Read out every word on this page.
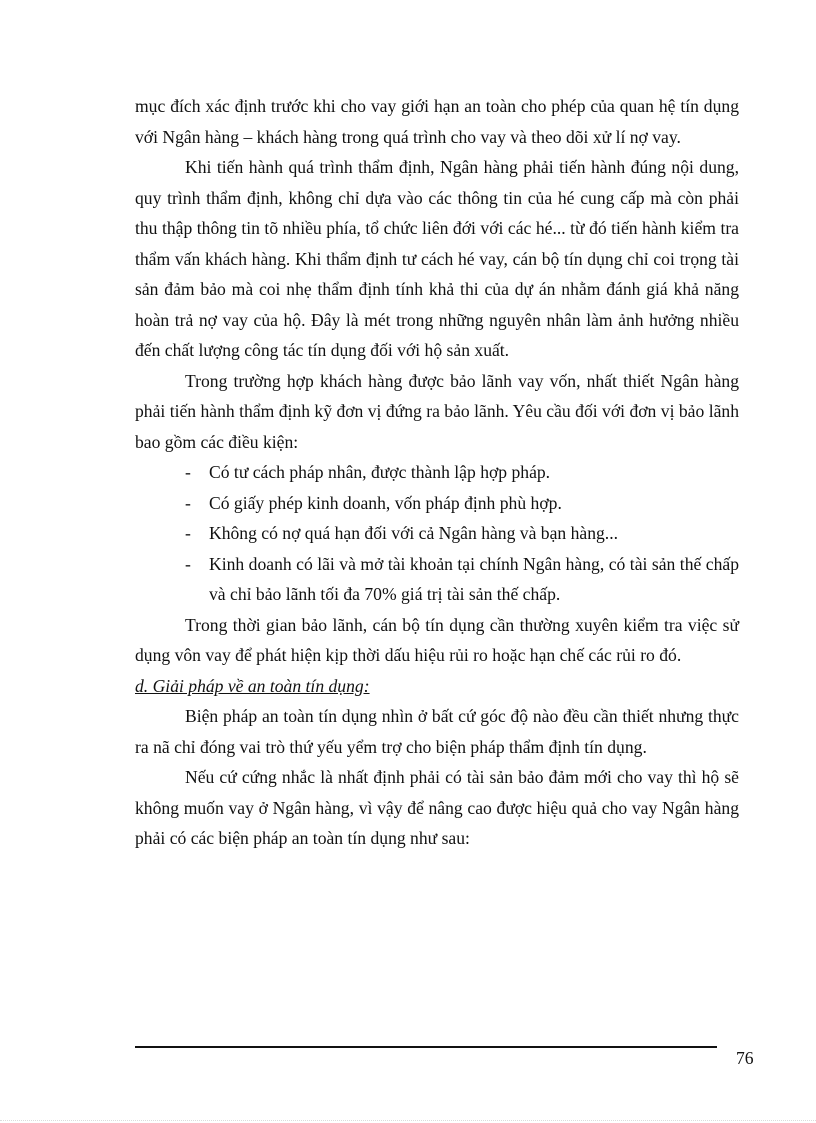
mục đích xác định trước khi cho vay giới hạn an toàn cho phép của quan hệ tín dụng với Ngân hàng – khách hàng trong quá trình cho vay và theo dõi xử lí nợ vay.

Khi tiến hành quá trình thẩm định, Ngân hàng phải tiến hành đúng nội dung, quy trình thẩm định, không chỉ dựa vào các thông tin của hé cung cấp mà còn phải thu thập thông tin tõ nhiều phía, tổ chức liên đới với các hé... từ đó tiến hành kiểm tra thẩm vấn khách hàng. Khi thẩm định tư cách hé vay, cán bộ tín dụng chỉ coi trọng tài sản đảm bảo mà coi nhẹ thẩm định tính khả thi của dự án nhằm đánh giá khả năng hoàn trả nợ vay của hộ. Đây là mét trong những nguyên nhân làm ảnh hưởng nhiều đến chất lượng công tác tín dụng đối với hộ sản xuất.

Trong trường hợp khách hàng được bảo lãnh vay vốn, nhất thiết Ngân hàng phải tiến hành thẩm định kỹ đơn vị đứng ra bảo lãnh. Yêu cầu đối với đơn vị bảo lãnh bao gồm các điều kiện:

- Có tư cách pháp nhân, được thành lập hợp pháp.
- Có giấy phép kinh doanh, vốn pháp định phù hợp.
- Không có nợ quá hạn đối với cả Ngân hàng và bạn hàng...
- Kinh doanh có lãi và mở tài khoản tại chính Ngân hàng, có tài sản thế chấp và chỉ bảo lãnh tối đa 70% giá trị tài sản thế chấp.

Trong thời gian bảo lãnh, cán bộ tín dụng cần thường xuyên kiểm tra việc sử dụng vôn vay để phát hiện kịp thời dấu hiệu rủi ro hoặc hạn chế các rủi ro đó.

d. Giải pháp về an toàn tín dụng:

Biện pháp an toàn tín dụng nhìn ở bất cứ góc độ nào đều cần thiết nhưng thực ra nã chỉ đóng vai trò thứ yếu yểm trợ cho biện pháp thẩm định tín dụng.

Nếu cứ cứng nhắc là nhất định phải có tài sản bảo đảm mới cho vay thì hộ sẽ không muốn vay ở Ngân hàng, vì vậy để nâng cao được hiệu quả cho vay Ngân hàng phải có các biện pháp an toàn tín dụng như sau:

76
